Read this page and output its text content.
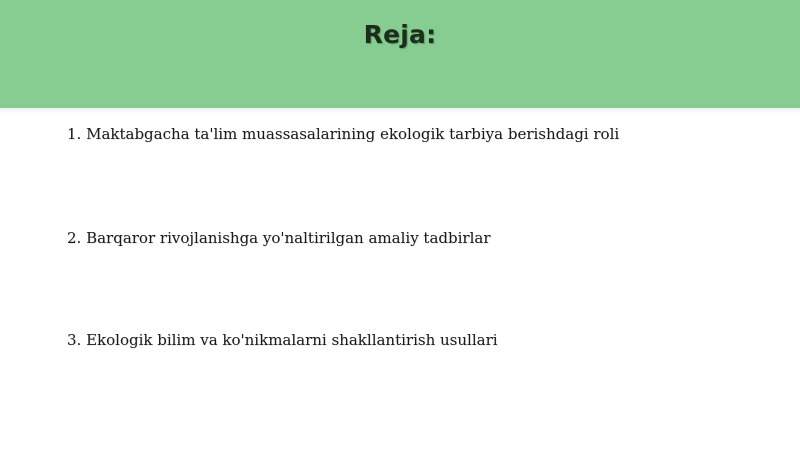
Reja:
1. Maktabgacha ta'lim muassasalarining ekologik tarbiya berishdagi roli
2. Barqaror rivojlanishga yo'naltirilgan amaliy tadbirlar
3. Ekologik bilim va ko'nikmalarni shakllantirish usullari
